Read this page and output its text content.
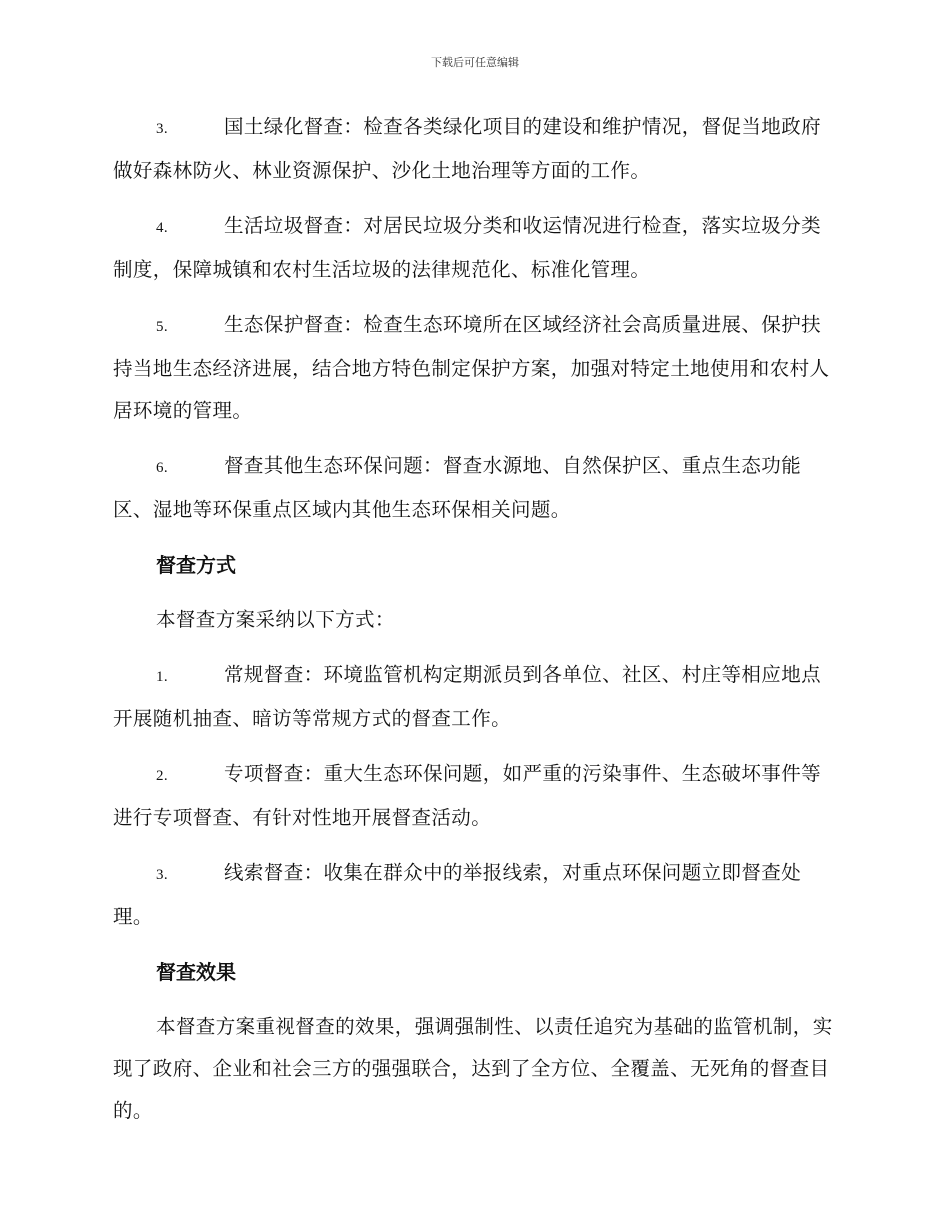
下载后可任意编辑

3.	国土绿化督查：检查各类绿化项目的建设和维护情况，督促当地政府做好森林防火、林业资源保护、沙化土地治理等方面的工作。

4.	生活垃圾督查：对居民垃圾分类和收运情况进行检查，落实垃圾分类制度，保障城镇和农村生活垃圾的法律规范化、标准化管理。

5.	生态保护督查：检查生态环境所在区域经济社会高质量进展、保护扶持当地生态经济进展，结合地方特色制定保护方案，加强对特定土地使用和农村人居环境的管理。

6.	督查其他生态环保问题：督查水源地、自然保护区、重点生态功能区、湿地等环保重点区域内其他生态环保相关问题。

督查方式

本督查方案采纳以下方式：

1.	常规督查：环境监管机构定期派员到各单位、社区、村庄等相应地点开展随机抽查、暗访等常规方式的督查工作。

2.	专项督查：重大生态环保问题，如严重的污染事件、生态破坏事件等进行专项督查、有针对性地开展督查活动。

3.	线索督查：收集在群众中的举报线索，对重点环保问题立即督查处理。

督查效果

本督查方案重视督查的效果，强调强制性、以责任追究为基础的监管机制，实现了政府、企业和社会三方的强强联合，达到了全方位、全覆盖、无死角的督查目的。
